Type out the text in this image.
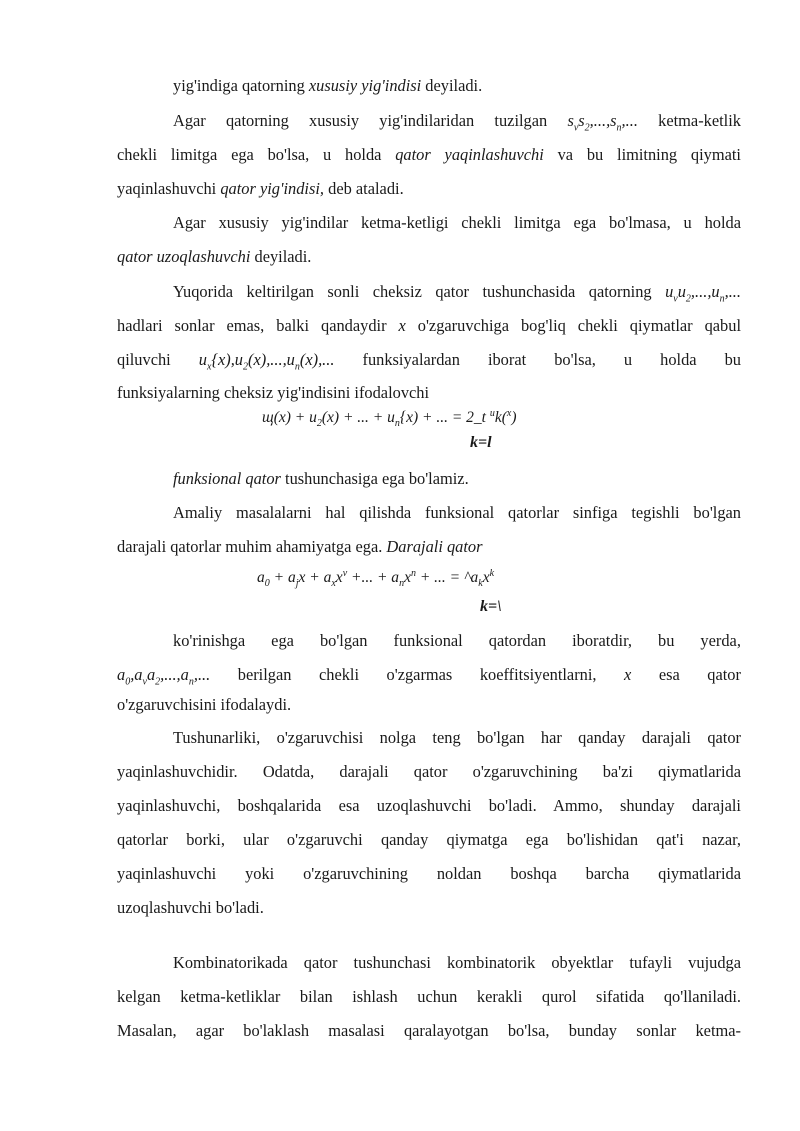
yig'indiga qatorning xususiy yig'indisi deyiladi.
Agar qatorning xususiy yig'indilaridan tuzilgan $s_vs_2,...,s_n$,... ketma-ketlik
chekli limitga ega bo'lsa, u holda qator yaqinlashuvchi va bu limitning qiymati
yaqinlashuvchi qator yig'indisi, deb ataladi.
Agar xususiy yig'indilar ketma-ketligi chekli limitga ega bo'lmasa, u holda
qator uzoqlashuvchi deyiladi.
Yuqorida keltirilgan sonli cheksiz qator tushunchasida qatorning $u_vu_2,...,u_n$,...
hadlari sonlar emas, balki qandaydir x o'zgaruvchiga bog'liq chekli qiymatlar qabul
qiluvchi $u_x\{x),u_2(x),...,u_n(x)$,... funksiyalardan iborat bo'lsa, u holda bu
funksiyalarning cheksiz yig'indisini ifodalovchi
$щ(x) + u_2(x)$ + ... + $u_n\{x)$ + ... = 2_t $^u$k($^x$)
k=l
funksional qator tushunchasiga ega bo'lamiz.
Amaliy masalalarni hal qilishda funksional qatorlar sinfiga tegishli bo'lgan
darajali qatorlar muhim ahamiyatga ega. Darajali qator
$a_0 + a_jx + a_xx^v$ +... + $a_nx^n$ + ... = $\^{}a_kx^k$
k=\
ko'rinishga ega bo'lgan funksional qatordan iboratdir, bu yerda,
$a_0,a_va_2,...,a_n$,... berilgan chekli o'zgarmas koeffitsiyentlarni, x esa qator
o'zgaruvchisini ifodalaydi.
Tushunarliki, o'zgaruvchisi nolga teng bo'lgan har qanday darajali qator
yaqinlashuvchidir. Odatda, darajali qator o'zgaruvchining ba'zi qiymatlarida
yaqinlashuvchi, boshqalarida esa uzoqlashuvchi bo'ladi. Ammo, shunday darajali
qatorlar borki, ular o'zgaruvchi qanday qiymatga ega bo'lishidan qat'i nazar,
yaqinlashuvchi yoki o'zgaruvchining noldan boshqa barcha qiymatlarida
uzoqlashuvchi bo'ladi.
Kombinatorikada qator tushunchasi kombinatorik obyektlar tufayli vujudga
kelgan ketma-ketliklar bilan ishlash uchun kerakli qurol sifatida qo'llaniladi.
Masalan, agar bo'laklash masalasi qaralayotgan bo'lsa, bunday sonlar ketma-
